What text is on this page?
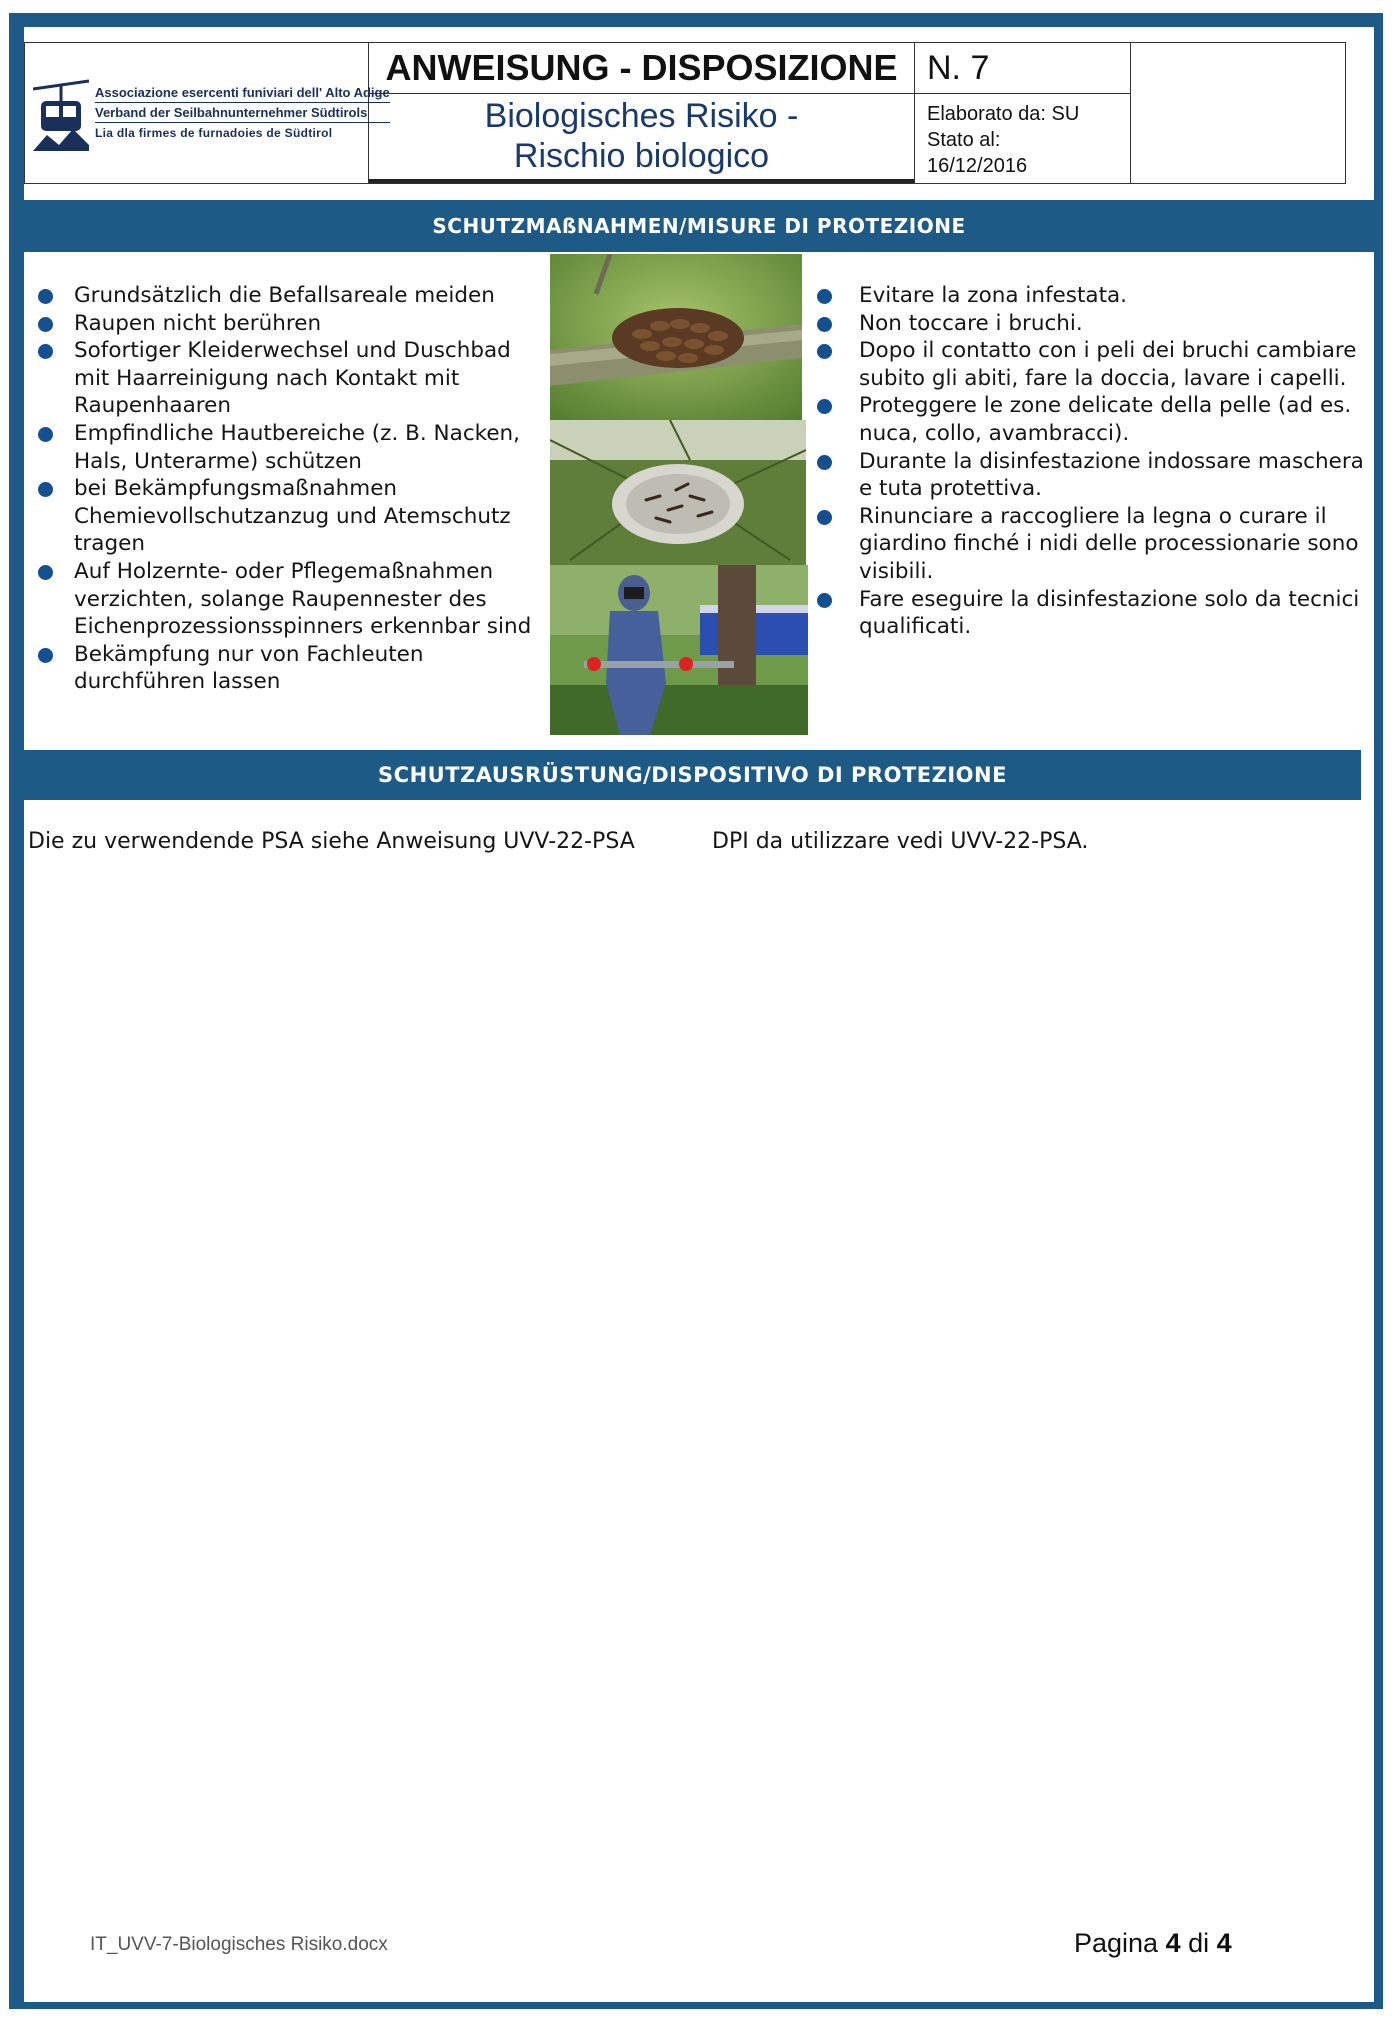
Associazione esercenti funiviari dell' Alto Adige
Verband der Seilbahnunternehmer Südtirols
Lia dla firmes de furnadoies de Südtirol
ANWEISUNG - DISPOSIZIONE
Biologisches Risiko -
Rischio biologico
N. 7
Elaborato da: SU
Stato al:
16/12/2016
SCHUTZMAßNAHMEN/MISURE DI PROTEZIONE
Grundsätzlich die Befallsareale meiden
Raupen nicht berühren
Sofortiger Kleiderwechsel und Duschbad mit Haarreinigung nach Kontakt mit Raupenhaaren
Empfindliche Hautbereiche (z. B. Nacken, Hals, Unterarme) schützen
bei Bekämpfungsmaßnahmen Chemievollschutzanzug und Atemschutz tragen
Auf Holzernte- oder Pflegemaßnahmen verzichten, solange Raupennester des Eichenprozessionsspinners erkennbar sind
Bekämpfung nur von Fachleuten durchführen lassen
Evitare la zona infestata.
Non toccare i bruchi.
Dopo il contatto con i peli dei bruchi cambiare subito gli abiti, fare la doccia, lavare i capelli.
Proteggere le zone delicate della pelle (ad es. nuca, collo, avambracci).
Durante la disinfestazione indossare maschera e tuta protettiva.
Rinunciare a raccogliere la legna o curare il giardino finché i nidi delle processionarie sono visibili.
Fare eseguire la disinfestazione solo da tecnici qualificati.
SCHUTZAUSRÜSTUNG/DISPOSITIVO DI PROTEZIONE
Die zu verwendende PSA siehe Anweisung UVV-22-PSA	DPI da utilizzare vedi UVV-22-PSA.
IT_UVV-7-Biologisches Risiko.docx	Pagina 4 di 4
